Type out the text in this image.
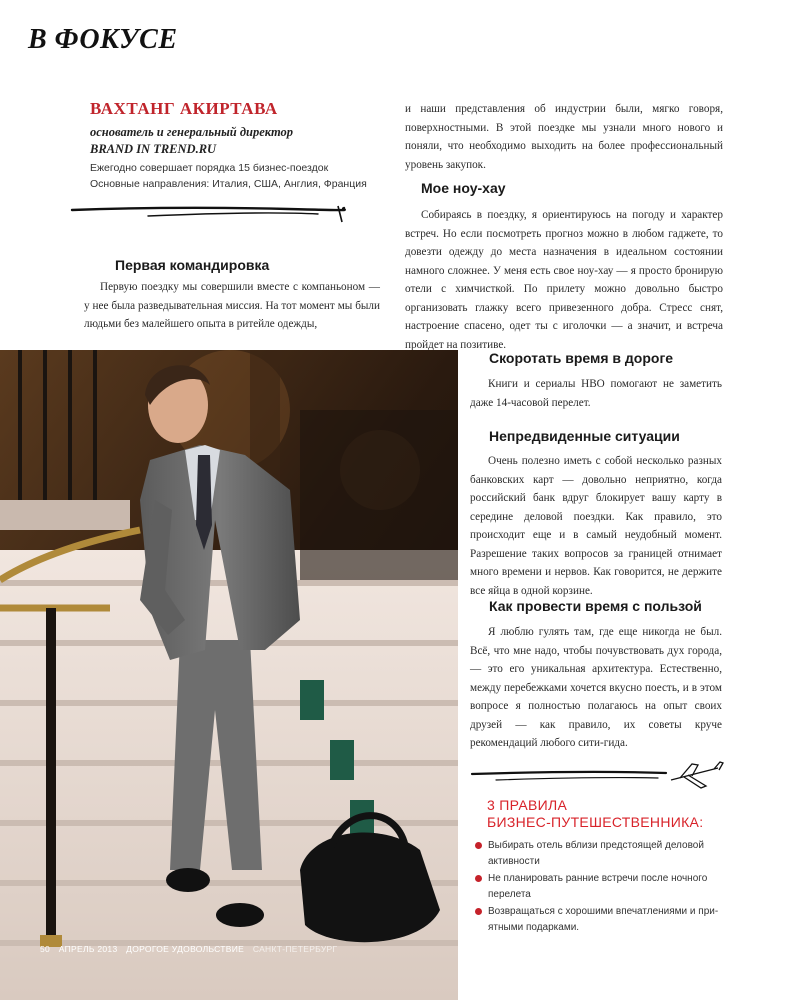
В ФОКУСЕ
ВАХТАНГ АКИРТАВА
основатель и генеральный директор
BRAND IN TREND.RU
Ежегодно совершает порядка 15 бизнес-поездок
Основные направления: Италия, США, Англия, Франция
Первая командировка
Первую поездку мы совершили вместе с компаньоном — у нее была разведывательная миссия. На тот момент мы были людьми без малейшего опыта в ритейле одежды,
и наши представления об индустрии были, мягко говоря, поверхностными. В этой поездке мы узнали много нового и поняли, что необходимо выходить на более профессиональный уровень закупок.
Мое ноу-хау
Собираясь в поездку, я ориентируюсь на погоду и характер встреч. Но если посмотреть прогноз можно в любом гаджете, то довезти одежду до места назначения в идеальном состоянии намного сложнее. У меня есть свое ноу-хау — я просто бронирую отели с химчисткой. По прилету можно довольно быстро организовать глажку всего привезенного добра. Стресс снят, настроение спасено, одет ты с иголочки — а значит, и встреча пройдет на позитиве.
Скоротать время в дороге
Книги и сериалы HBO помогают не заметить даже 14-часовой перелет.
Непредвиденные ситуации
Очень полезно иметь с собой несколько разных банковских карт — довольно неприятно, когда российский банк вдруг блокирует вашу карту в середине деловой поездки. Как правило, это происходит еще и в самый неудобный момент. Разрешение таких вопросов за границей отнимает много времени и нервов. Как говорится, не держите все яйца в одной корзине.
Как провести время с пользой
Я люблю гулять там, где еще никогда не был. Всё, что мне надо, чтобы почувствовать дух города, — это его уникальная архитектура. Естественно, между перебежками хочется вкусно поесть, и в этом вопросе я полностью полагаюсь на опыт своих друзей — как правило, их советы круче рекомендаций любого сити-гида.
3 ПРАВИЛА
БИЗНЕС-ПУТЕШЕСТВЕННИКА:
Выбирать отель вблизи предстоящей деловой активности
Не планировать ранние встречи после ночного перелета
Возвращаться с хорошими впечатлениями и приятными подарками.
50 АПРЕЛЬ 2013 ДОРОГОЕ УДОВОЛЬСТВИЕ САНКТ-ПЕТЕРБУРГ
